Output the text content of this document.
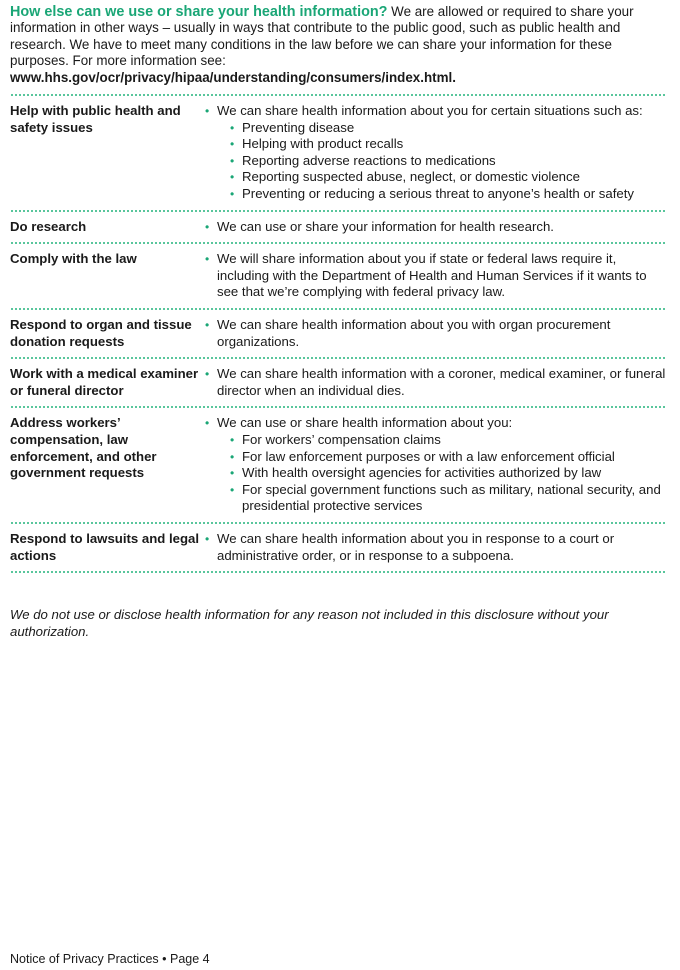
How else can we use or share your health information? We are allowed or required to share your information in other ways – usually in ways that contribute to the public good, such as public health and research. We have to meet many conditions in the law before we can share your information for these purposes. For more information see: www.hhs.gov/ocr/privacy/hipaa/understanding/consumers/index.html.

Help with public health and safety issues
• We can share health information about you for certain situations such as:
• Preventing disease
• Helping with product recalls
• Reporting adverse reactions to medications
• Reporting suspected abuse, neglect, or domestic violence
• Preventing or reducing a serious threat to anyone’s health or safety
Do research	• We can use or share your information for health research.
Comply with the law	• We will share information about you if state or federal laws require it, including with the Department of Health and Human Services if it wants to see that we’re complying with federal privacy law.
Respond to organ and tissue donation requests
• We can share health information about you with organ procurement organizations.
Work with a medical examiner or funeral director
• We can share health information with a coroner, medical examiner, or funeral director when an individual dies.
Address workers’ compensation, law enforcement, and other government requests
• We can use or share health information about you:
• For workers’ compensation claims
• For law enforcement purposes or with a law enforcement official
• With health oversight agencies for activities authorized by law
• For special government functions such as military, national security, and presidential protective services
Respond to lawsuits and legal actions
• We can share health information about you in response to a court or administrative order, or in response to a subpoena.

We do not use or disclose health information for any reason not included in this disclosure without your authorization.

Notice of Privacy Practices • Page 4
